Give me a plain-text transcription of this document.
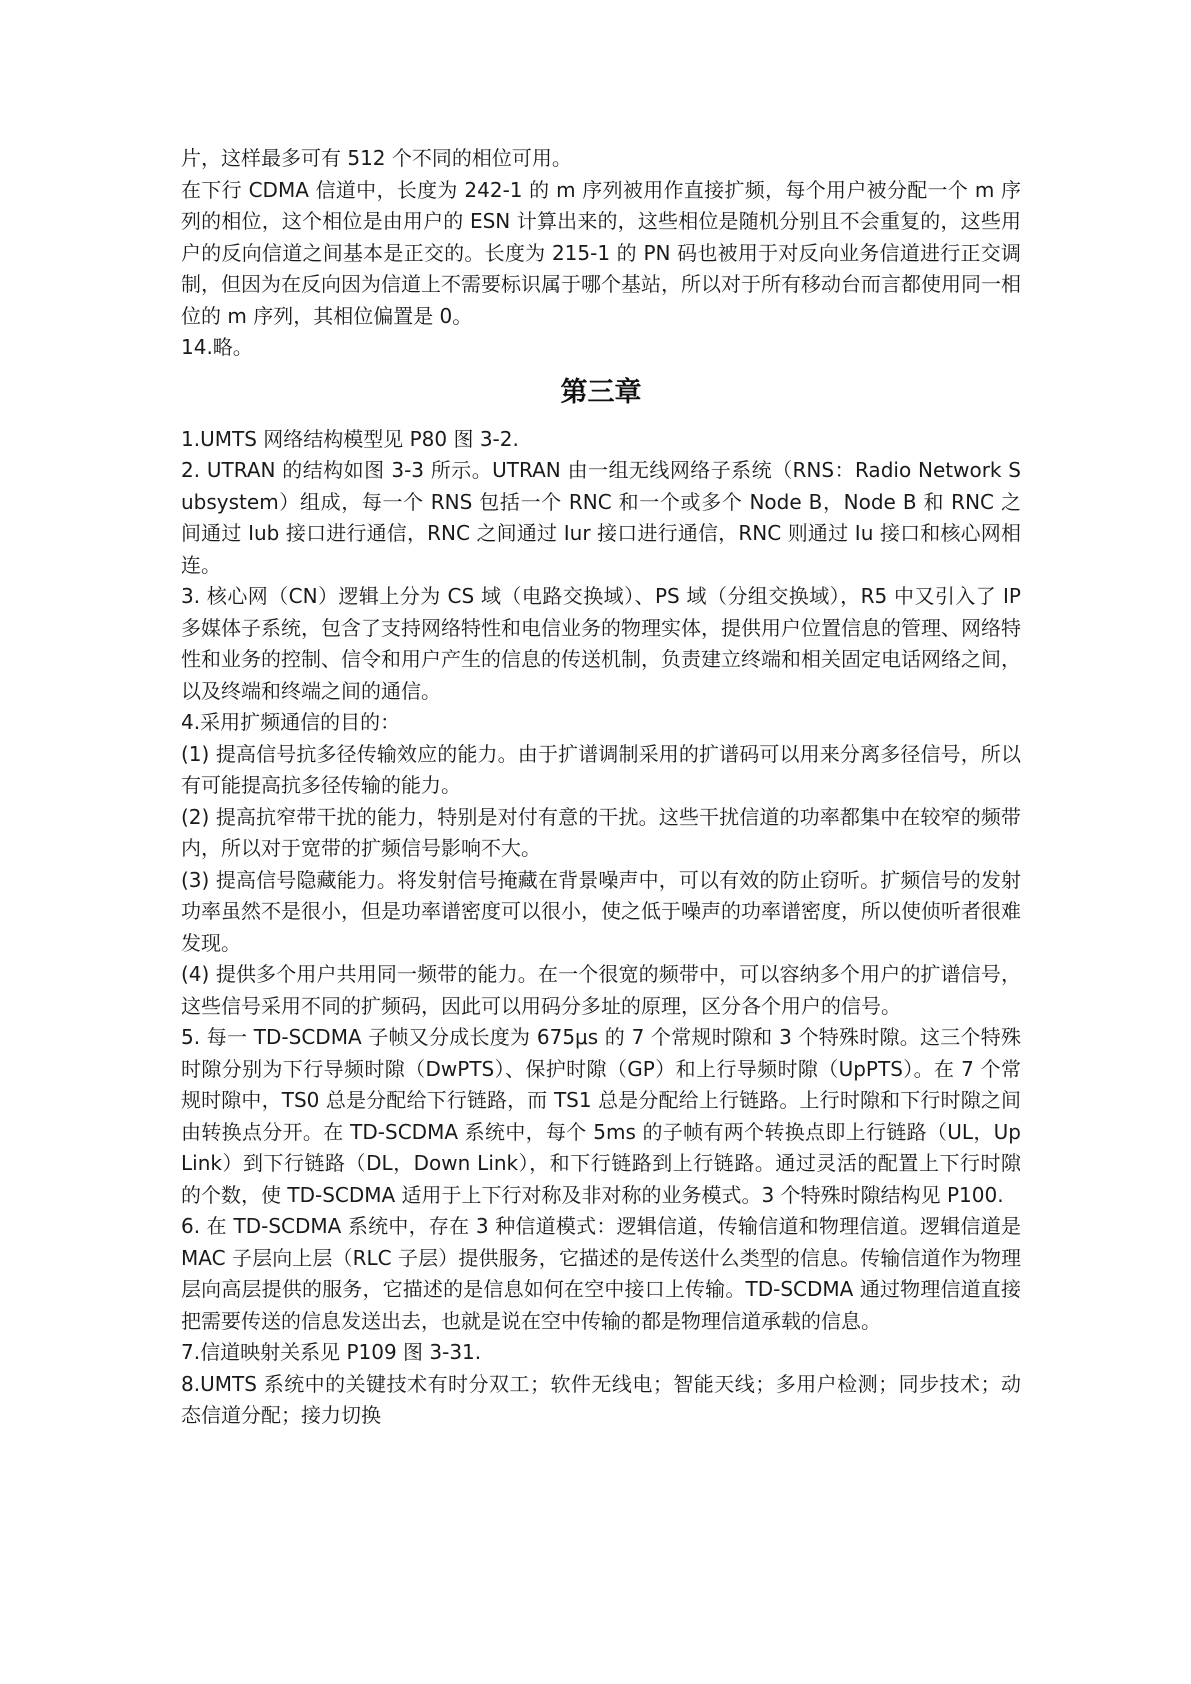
片，这样最多可有 512 个不同的相位可用。

在下行 CDMA 信道中，长度为 242-1 的 m 序列被用作直接扩频，每个用户被分配一个 m 序列的相位，这个相位是由用户的 ESN 计算出来的，这些相位是随机分别且不会重复的，这些用户的反向信道之间基本是正交的。长度为 215-1 的 PN 码也被用于对反向业务信道进行正交调制，但因为在反向因为信道上不需要标识属于哪个基站，所以对于所有移动台而言都使用同一相位的 m 序列，其相位偏置是 0。

14.略。

第三章

1.UMTS 网络结构模型见 P80 图 3-2.

2. UTRAN 的结构如图 3-3 所示。UTRAN 由一组无线网络子系统（RNS：Radio Network Subsystem）组成，每一个 RNS 包括一个 RNC 和一个或多个 Node B，Node B 和 RNC 之间通过 Iub 接口进行通信，RNC 之间通过 Iur 接口进行通信，RNC 则通过 Iu 接口和核心网相连。

3. 核心网（CN）逻辑上分为 CS 域（电路交换域）、PS 域（分组交换域），R5 中又引入了 IP 多媒体子系统，包含了支持网络特性和电信业务的物理实体，提供用户位置信息的管理、网络特性和业务的控制、信令和用户产生的信息的传送机制，负责建立终端和相关固定电话网络之间，以及终端和终端之间的通信。

4.采用扩频通信的目的：

(1) 提高信号抗多径传输效应的能力。由于扩谱调制采用的扩谱码可以用来分离多径信号，所以有可能提高抗多径传输的能力。

(2) 提高抗窄带干扰的能力，特别是对付有意的干扰。这些干扰信道的功率都集中在较窄的频带内，所以对于宽带的扩频信号影响不大。

(3) 提高信号隐藏能力。将发射信号掩藏在背景噪声中，可以有效的防止窃听。扩频信号的发射功率虽然不是很小，但是功率谱密度可以很小，使之低于噪声的功率谱密度，所以使侦听者很难发现。

(4) 提供多个用户共用同一频带的能力。在一个很宽的频带中，可以容纳多个用户的扩谱信号，这些信号采用不同的扩频码，因此可以用码分多址的原理，区分各个用户的信号。

5. 每一 TD-SCDMA 子帧又分成长度为 675μs 的 7 个常规时隙和 3 个特殊时隙。这三个特殊时隙分别为下行导频时隙（DwPTS）、保护时隙（GP）和上行导频时隙（UpPTS）。在 7 个常规时隙中，TS0 总是分配给下行链路，而 TS1 总是分配给上行链路。上行时隙和下行时隙之间由转换点分开。在 TD-SCDMA 系统中，每个 5ms 的子帧有两个转换点即上行链路（UL，Up Link）到下行链路（DL，Down Link），和下行链路到上行链路。通过灵活的配置上下行时隙的个数，使 TD-SCDMA 适用于上下行对称及非对称的业务模式。3 个特殊时隙结构见 P100.

6. 在 TD-SCDMA 系统中，存在 3 种信道模式：逻辑信道，传输信道和物理信道。逻辑信道是 MAC 子层向上层（RLC 子层）提供服务，它描述的是传送什么类型的信息。传输信道作为物理层向高层提供的服务，它描述的是信息如何在空中接口上传输。TD-SCDMA 通过物理信道直接把需要传送的信息发送出去，也就是说在空中传输的都是物理信道承载的信息。

7.信道映射关系见 P109 图 3-31.

8.UMTS 系统中的关键技术有时分双工；软件无线电；智能天线；多用户检测；同步技术；动态信道分配；接力切换
